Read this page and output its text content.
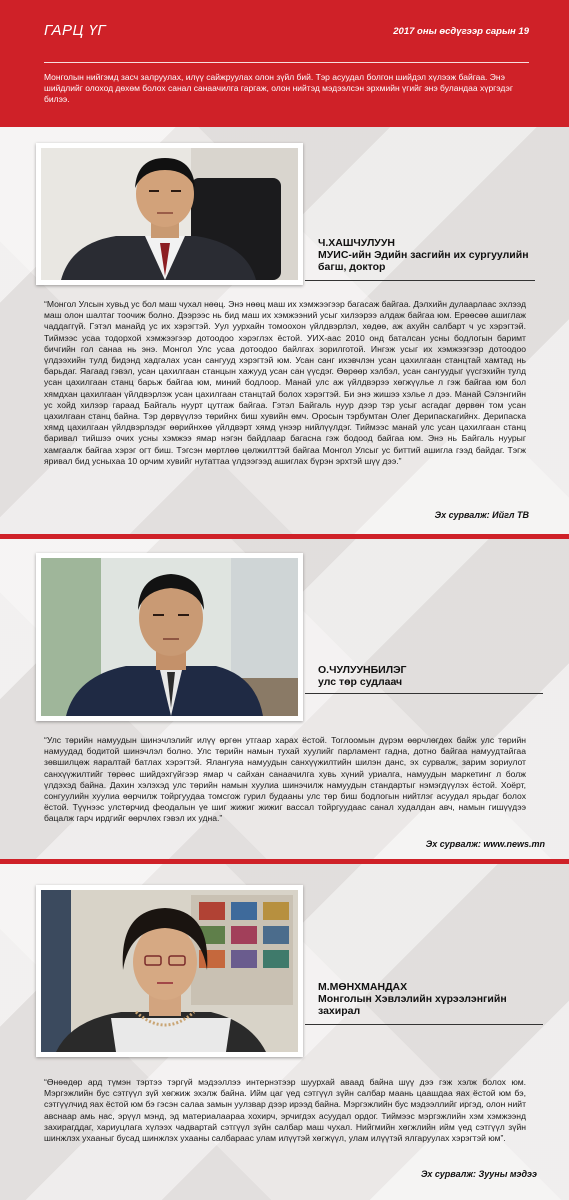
ГАРЦ ҮГ	2017 оны өсдүгээр сарын 19
Монголын нийгэмд засч залруулах, илүү сайжруулах олон зүйл бий. Тэр асуудал болгон шийдэл хүлээж байгаа. Энэ шийдлийг олоход дөхөм болох санал санаачилга гаргаж, олон нийтэд мэдээлсэн эрхмийн үгийг энэ буландаа хүргэдэг билээ.
Ч.ХАШЧУЛУУН
МУИС-ийн Эдийн засгийн их сургуулийн багш, доктор
“Монгол Улсын хувьд ус бол маш чухал нөөц. Энэ нөөц маш их хэмжээгээр багасаж байгаа. Дэлхийн дулаарлаас эхлээд маш олон шалтаг тоочиж болно. Дээрээс нь бид маш их хэмжээний усыг хилээрээ алдаж байгаа юм. Ерөөсөө ашиглаж чаддаггүй. Гэтэл манайд ус их хэрэгтэй. Уул уурхайн томоохон үйлдвэрлэл, хөдөө, аж ахуйн салбарт ч ус хэрэгтэй. Тиймээс усаа тодорхой хэмжээгээр дотоодоо хэрэглэх ёстой. УИХ-аас 2010 онд баталсан усны бодлогын баримт бичгийн гол санаа нь энэ. Монгол Улс усаа дотоодоо байлгах зорилготой. Ингэж усыг их хэмжээгээр дотоодоо үлдээхийн тулд бидэнд хадгалах усан сангууд хэрэгтэй юм. Усан санг ихэвчлэн усан цахилгаан станцтай хамтад нь барьдаг. Яагаад гэвэл, усан цахилгаан станцын хажууд усан сан үүсдэг. Өөрөөр хэлбэл, усан сангуудыг үүсгэхийн тулд усан цахилгаан станц барьж байгаа юм, миний бодлоор. Манай улс аж үйлдвэрээ хөгжүүлье л гэж байгаа юм бол хямдхан цахилгаан үйлдвэрлэж усан цахилгаан станцтай болох хэрэгтэй. Би энэ жишээ хэлье л дээ. Манай Сэлэнгийн ус хойд хилээр гараад Байгаль нуурт цутгаж байгаа. Гэтэл Байгаль нуур дээр тэр усыг асгадаг дөрвөн том усан цахилгаан станц байна. Тэр дөрвүүлээ төрийнх биш хувийн өмч. Оросын тэрбумтан Олег Дерипаскагийнх. Дерипаска хямд цахилгаан үйлдвэрлэдэг өөрийнхөө үйлдвэрт хямд үнээр нийлүүлдэг. Тиймээс манай улс усан цахилгаан станц баривал тийшээ очих усны хэмжээ ямар нэгэн байдлаар багасна гэж бодоод байгаа юм. Энэ нь Байгаль нуурыг хамгаалж байгаа хэрэг огт биш. Тэгсэн мөртлөө цөлжилттэй байгаа Монгол Улсыг ус биттий ашигла гээд байдаг. Тэгж яривал бид усныхаа 10 орчим хувийг нутаттаа үлдээгээд ашиглах бүрэн эрхтэй шүү дээ.”
Эх сурвалж: Ийгл ТВ
О.ЧУЛУУНБИЛЭГ
улс төр судлаач
“Улс төрийн намуудын шинэчлэлийг илүү өргөн утгаар харах ёстой. Тоглоомын дүрэм өөрчлөгдөх байж улс төрийн намуудад бодитой шинэчлэл болно. Улс төрийн намын тухай хуулийг парламент гадна, дотно байгаа намуудтайгаа зөвшилцөж яаралтай батлах хэрэгтэй. Ялангуяа намуудын санхүүжилтийн шилэн данс, эх сурвалж, зарим зориулот санхүүжилтийг төрөөс шийдэхгүйгээр ямар ч сайхан санаачилга хувь хүний уриалга, намуудын маркетинг л болж үлдэхэд байна. Дахин хэлэхэд улс төрийн намын хуулиа шинэчилж намуудын стандартыг нэмэгдүүлэх ёстой. Хоёрт, сонгуулийн хуулиа өөрчилж тойргуудаа томсгож гурил будааны улс төр биш бодлогын нийтлэг асуудал ярьдаг болох ёстой. Түүнээс улстөрчид феодалын үе шиг жижиг жижиг вассал тойргуудаас санал худалдан авч, намын гишүүдээ бацалж гарч ирдгийг өөрчлөх гэвэл их удна.”
Эх сурвалж: www.news.mn
М.МӨНХМАНДАХ
Монголын Хэвлэлийн хүрээлэнгийн захирал
“Өнөөдөр ард түмэн тэртээ тэргүй мэдээллээ интернэтээр шуурхай аваад байна шүү дээ гэж хэлж болох юм. Мэргэжлийн бус сэтгүүл зүй хөгжиж эхэлж байна. Ийм цаг үед сэтгүүл зүйн салбар маань цаашдаа яах ёстой юм бэ, сэтгүүлчид яах ёстой юм бэ гэсэн салаа замын уулзвар дээр ирээд байна. Мэргэжлийн бус мэдээллийг иргэд, олон нийт авснаар амь нас, эрүүл мэнд, эд материалаараа хохирч, эрчигдэх асуудал ордог. Тиймээс мэргэжлийн хэм хэмжээнд захирагддаг, хариуцлага хүлээх чадвартай сэтгүүл зүйн салбар маш чухал. Нийгмийн хөгжлийн ийм үед сэтгүүл зүйн шинжлэх ухааныг бусад шинжлэх ухааны салбараас улам илүүтэй хөгжүүл, улам илүүтэй ялгаруулах хэрэгтэй юм”.
Эх сурвалж: Зууны мэдээ
